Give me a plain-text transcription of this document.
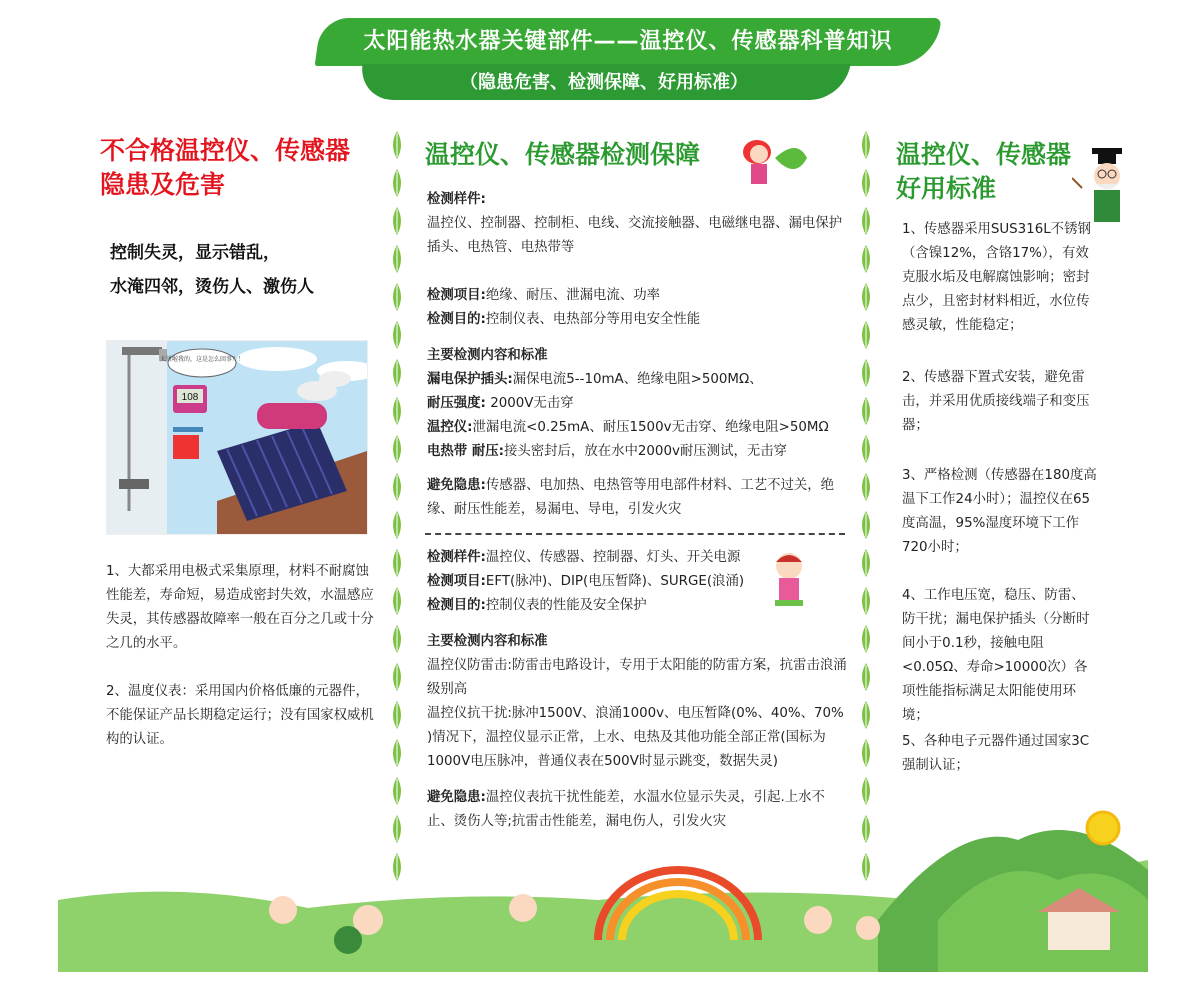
太阳能热水器关键部件——温控仪、传感器科普知识
（隐患危害、检测保障、好用标准）
不合格温控仪、传感器
隐患及危害
控制失灵，显示错乱，
水淹四邻，烫伤人、激伤人
108
太烫啦我的，这是怎么回事？！
1、大都采用电极式采集原理，材料不耐腐蚀性能差，寿命短，易造成密封失效，水温感应失灵，其传感器故障率一般在百分之几或十分之几的水平。
2、温度仪表：采用国内价格低廉的元器件，不能保证产品长期稳定运行；没有国家权威机构的认证。
温控仪、传感器检测保障
检测样件:
温控仪、控制器、控制柜、电线、交流接触器、电磁继电器、漏电保护插头、电热管、电热带等
检测项目:绝缘、耐压、泄漏电流、功率
检测目的:控制仪表、电热部分等用电安全性能
主要检测内容和标准
漏电保护插头:漏保电流5--10mA、绝缘电阻>500MΩ、
耐压强度: 2000V无击穿
温控仪:泄漏电流<0.25mA、耐压1500v无击穿、绝缘电阻>50MΩ
电热带 耐压:接头密封后，放在水中2000v耐压测试，无击穿
避免隐患:传感器、电加热、电热管等用电部件材料、工艺不过关，绝缘、耐压性能差，易漏电、导电，引发火灾
检测样件:温控仪、传感器、控制器、灯头、开关电源
检测项目:EFT(脉冲)、DIP(电压暂降)、SURGE(浪涌)
检测目的:控制仪表的性能及安全保护
主要检测内容和标准
温控仪防雷击:防雷击电路设计，专用于太阳能的防雷方案，抗雷击浪涌级别高
温控仪抗干扰:脉冲1500V、浪涌1000v、电压暂降(0%、40%、70% )情况下，温控仪显示正常，上水、电热及其他功能全部正常(国标为1000V电压脉冲，普通仪表在500V时显示跳变，数据失灵)
避免隐患:温控仪表抗干扰性能差，水温水位显示失灵，引起.上水不止、烫伤人等;抗雷击性能差，漏电伤人，引发火灾
温控仪、传感器
好用标准
1、传感器采用SUS316L不锈钢（含镍12%，含铬17%），有效克服水垢及电解腐蚀影响；密封点少，且密封材料相近，水位传感灵敏，性能稳定；
2、传感器下置式安装，避免雷击，并采用优质接线端子和变压器；
3、严格检测（传感器在180度高温下工作24小时）；温控仪在65度高温，95%湿度环境下工作720小时；
4、工作电压宽，稳压、防雷、防干扰；漏电保护插头（分断时间小于0.1秒，接触电阻<0.05Ω、寿命>10000次）各项性能指标满足太阳能使用环境；
5、各种电子元器件通过国家3C强制认证；
